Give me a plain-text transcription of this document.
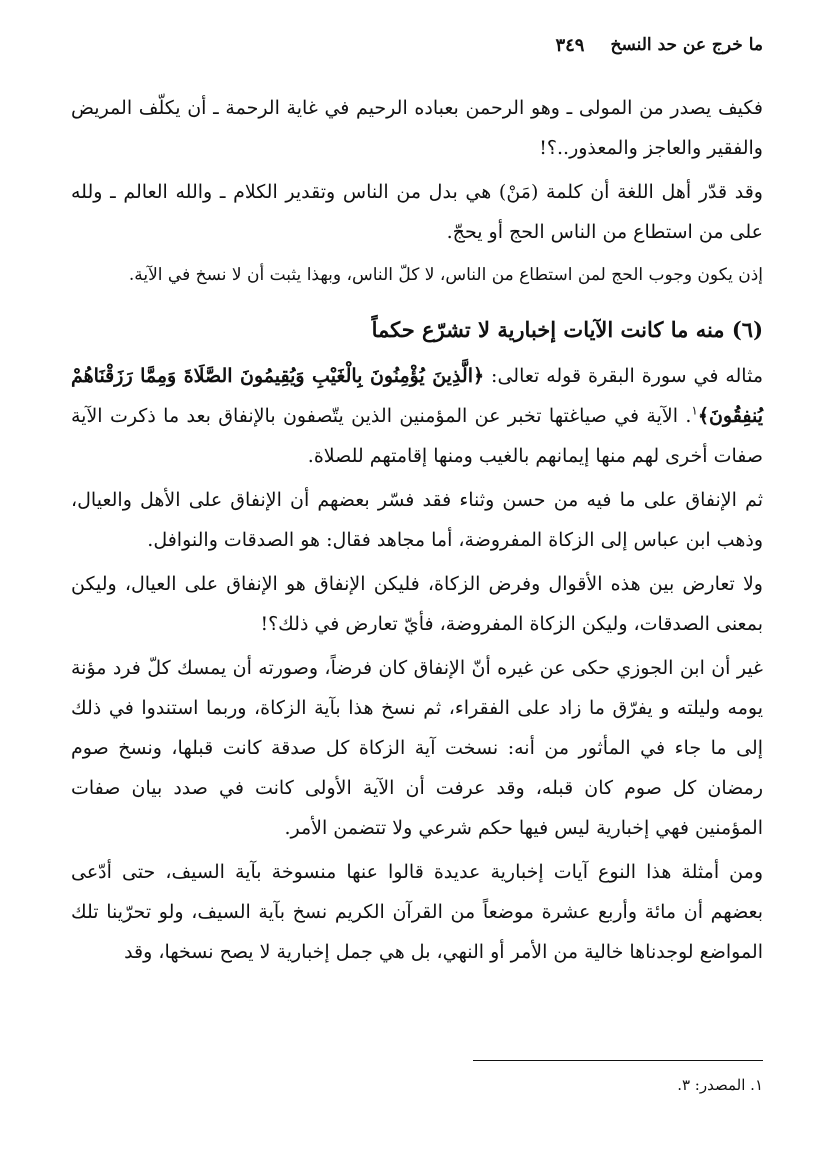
ما خرج عن حد النسخ
٣٤٩

فكيف يصدر من المولى ـ وهو الرحمن بعباده الرحيم في غاية الرحمة ـ أن يكلّف المريض والفقير والعاجز والمعذور..؟!

وقد قدّر أهل اللغة أن كلمة (مَنْ) هي بدل من الناس وتقدير الكلام ـ والله العالم ـ ولله على من استطاع من الناس الحج أو يحجّ.

إذن يكون وجوب الحج لمن استطاع من الناس، لا كلّ الناس، وبهذا يثبت أن لا نسخ في الآية.

(٦) منه ما كانت الآيات إخبارية لا تشرّع حكماً

مثاله في سورة البقرة قوله تعالى: ﴿الَّذِينَ يُؤْمِنُونَ بِالْغَيْبِ وَيُقِيمُونَ الصَّلَاةَ وَمِمَّا رَزَقْنَاهُمْ يُنفِقُونَ﴾$^١$. الآية في صياغتها تخبر عن المؤمنين الذين يتّصفون بالإنفاق بعد ما ذكرت الآية صفات أخرى لهم منها إيمانهم بالغيب ومنها إقامتهم للصلاة.

ثم الإنفاق على ما فيه من حسن وثناء فقد فسّر بعضهم أن الإنفاق على الأهل والعيال، وذهب ابن عباس إلى الزكاة المفروضة، أما مجاهد فقال: هو الصدقات والنوافل.

ولا تعارض بين هذه الأقوال وفرض الزكاة، فليكن الإنفاق هو الإنفاق على العيال، وليكن بمعنى الصدقات، وليكن الزكاة المفروضة، فأيّ تعارض في ذلك؟!

غير أن ابن الجوزي حكى عن غيره أنّ الإنفاق كان فرضاً، وصورته أن يمسك كلّ فرد مؤنة يومه وليلته و يفرّق ما زاد على الفقراء، ثم نسخ هذا بآية الزكاة، وربما استندوا في ذلك إلى ما جاء في المأثور من أنه: نسخت آية الزكاة كل صدقة كانت قبلها، ونسخ صوم رمضان كل صوم كان قبله، وقد عرفت أن الآية الأولى كانت في صدد بيان صفات المؤمنين فهي إخبارية ليس فيها حكم شرعي ولا تتضمن الأمر.

ومن أمثلة هذا النوع آيات إخبارية عديدة قالوا عنها منسوخة بآية السيف، حتى أدّعى بعضهم أن مائة وأربع عشرة موضعاً من القرآن الكريم نسخ بآية السيف، ولو تحرّينا تلك المواضع لوجدناها خالية من الأمر أو النهي، بل هي جمل إخبارية لا يصح نسخها، وقد

١. المصدر: ٣.
